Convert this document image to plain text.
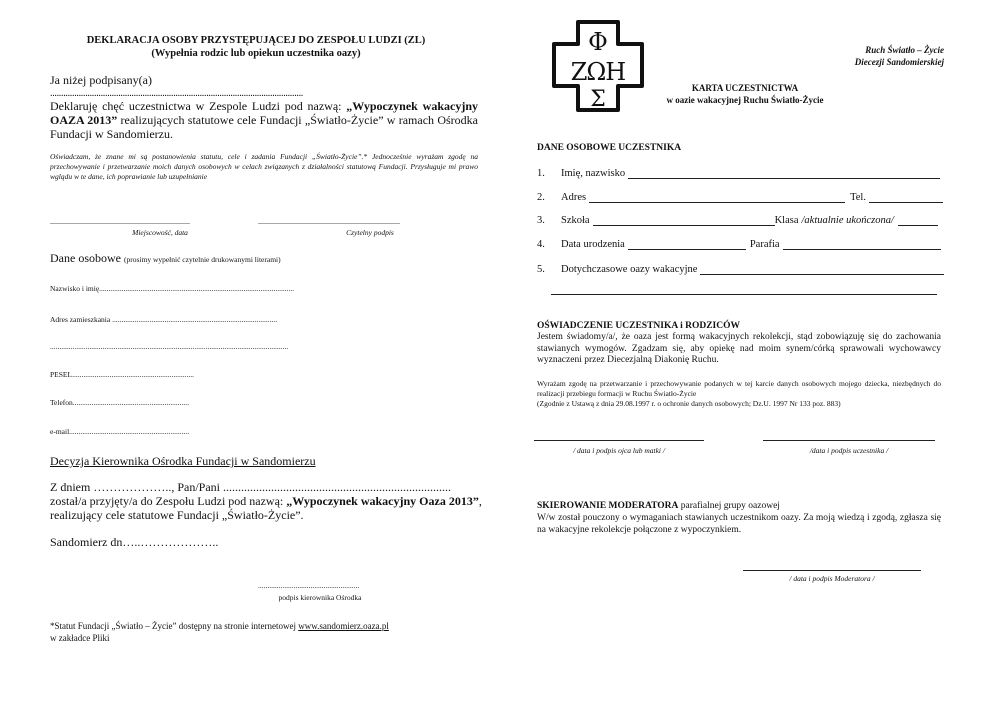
DEKLARACJA OSOBY PRZYSTĘPUJĄCEJ DO ZESPOŁU LUDZI (ZL)
(Wypełnia rodzic lub opiekun uczestnika oazy)
Ja niżej podpisany(a)
...................................................................................................................
Deklaruję chęć uczestnictwa w Zespole Ludzi pod nazwą: „Wypoczynek wakacyjny OAZA 2013” realizujących statutowe cele Fundacji „Światło-Życie” w ramach Ośrodka Fundacji w Sandomierzu.
Oświadczam, że znane mi są postanowienia statutu, cele i zadania Fundacji „Światło-Życie”.* Jednocześnie wyrażam zgodę na przechowywanie i przetwarzanie moich danych osobowych w celach związanych z działalności statutową Fundacji. Przysługuje mi prawo wglądu w te dane, ich poprawianie lub uzupełnianie
......................................................................	.......................................................................
Miejscowość, data	Czytelny podpis
Dane osobowe (prosimy wypełnić czytelnie drukowanymi literami)
Nazwisko i imię........................................................................................................
Adres zamieszkania ........................................................................................
...............................................................................................................................
PESEL.................................................................
Telefon..............................................................
e-mail................................................................
Decyzja Kierownika Ośrodka Fundacji w Sandomierzu
Z dniem ……………….., Pan/Pani ............................................................................
został/a przyjęty/a do Zespołu Ludzi pod nazwą: „Wypoczynek wakacyjny Oaza 2013”,
realizujący cele statutowe Fundacji „Światło-Życie”.
Sandomierz dn…..………………..
......................................................
podpis kierownika Ośrodka
*Statut Fundacji „Światło – Życie” dostępny na stronie internetowej www.sandomierz.oaza.pl
w zakładce Pliki
Φ
ΖΩΗ
Σ
Ruch Światło – Życie
Diecezji Sandomierskiej
KARTA UCZESTNICTWA
w oazie wakacyjnej Ruchu Światło-Życie
DANE OSOBOWE UCZESTNIKA
1.	Imię, nazwisko
2.	Adres	Tel.
3.	Szkoła	Klasa /aktualnie ukończona/
4.	Data urodzenia	Parafia
5.	Dotychczasowe oazy wakacyjne
OŚWIADCZENIE UCZESTNIKA i RODZICÓW
Jestem świadomy/a/, że oaza jest formą wakacyjnych rekolekcji, stąd zobowiązuję się do zachowania stawianych wymogów. Zgadzam się, aby opiekę nad moim synem/córką sprawowali wychowawcy wyznaczeni przez Diecezjalną Diakonię Ruchu.
Wyrażam zgodę na przetwarzanie i przechowywanie podanych w tej karcie danych osobowych mojego dziecka, niezbędnych do realizacji przebiegu formacji w Ruchu Światło-Życie
(Zgodnie z Ustawą z dnia 29.08.1997 r. o ochronie danych osobowych; Dz.U. 1997 Nr 133 poz. 883)
/ data i podpis ojca lub matki /	/data i podpis uczestnika /
SKIEROWANIE MODERATORA parafialnej grupy oazowej
W/w został pouczony o wymaganiach stawianych uczestnikom oazy. Za moją wiedzą i zgodą, zgłasza się na wakacyjne rekolekcje połączone z wypoczynkiem.
/ data i podpis Moderatora /
